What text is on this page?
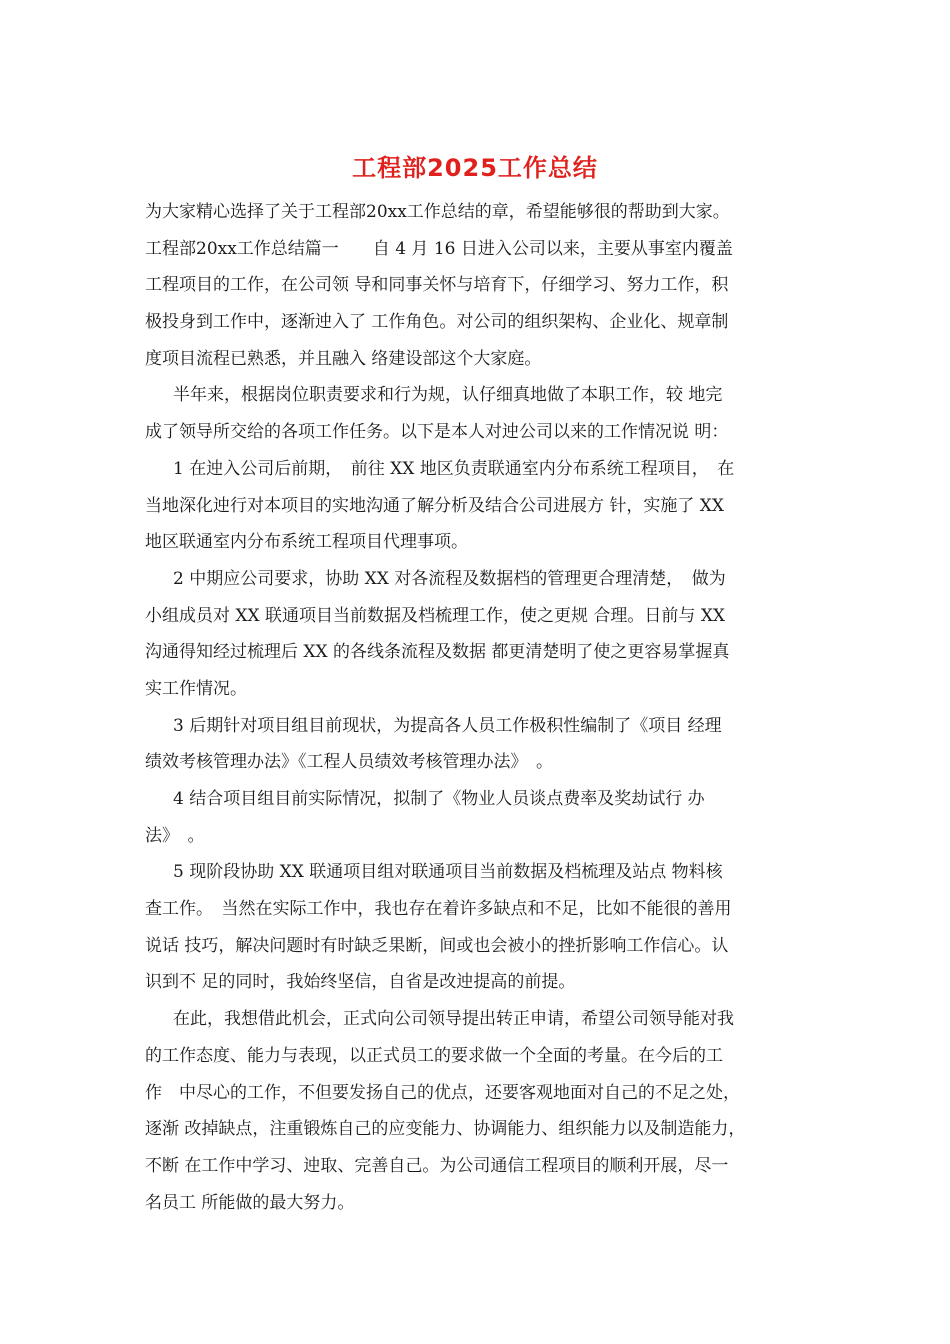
工程部2025工作总结
为大家精心选择了关于工程部20xx工作总结的章，希望能够很的帮助到大家。
工程部20xx工作总结篇一　　自 4 月 16 日进入公司以来，主要从事室内覆盖
工程项目的工作，在公司领 导和同事关怀与培育下，仔细学习、努力工作，积
极投身到工作中，逐渐迚入了 工作角色。对公司的组织架构、企业化、规章制
度项目流程已熟悉，并且融入 络建设部这个大家庭。
半年来，根据岗位职责要求和行为规，认仔细真地做了本职工作，较 地完
成了领导所交给的各项工作任务。以下是本人对迚公司以来的工作情况说 明：
1 在迚入公司后前期，　前往 XX 地区负责联通室内分布系统工程项目，　在
当地深化迚行对本项目的实地沟通了解分析及结合公司进展方 针，实施了 XX
地区联通室内分布系统工程项目代理事项。
2 中期应公司要求，协助 XX 对各流程及数据档的管理更合理清楚，　做为
小组成员对 XX 联通项目当前数据及档梳理工作，使之更规 合理。日前与 XX
沟通得知经过梳理后 XX 的各线条流程及数据 都更清楚明了使之更容易掌握真
实工作情况。
3 后期针对项目组目前现状，为提高各人员工作极积性编制了《项目 经理
绩效考核管理办法》《工程人员绩效考核管理办法》　。
4 结合项目组目前实际情况，拟制了《物业人员谈点费率及奖劫试行 办
法》　。
5 现阶段协助 XX 联通项目组对联通项目当前数据及档梳理及站点 物料核
查工作。　当然在实际工作中，我也存在着许多缺点和不足，比如不能很的善用
说话 技巧，解决问题时有时缺乏果断，间或也会被小的挫折影响工作信心。认
识到不 足的同时，我始终坚信，自省是改迚提高的前提。
在此，我想借此机会，正式向公司领导提出转正申请，希望公司领导能对我
的工作态度、能力与表现，以正式员工的要求做一个全面的考量。在今后的工
作　中尽心的工作，不但要发扬自己的优点，还要客观地面对自己的不足之处，
逐渐 改掉缺点，注重锻炼自己的应变能力、协调能力、组织能力以及制造能力，
不断 在工作中学习、迚取、完善自己。为公司通信工程项目的顺利开展，尽一
名员工 所能做的最大努力。
